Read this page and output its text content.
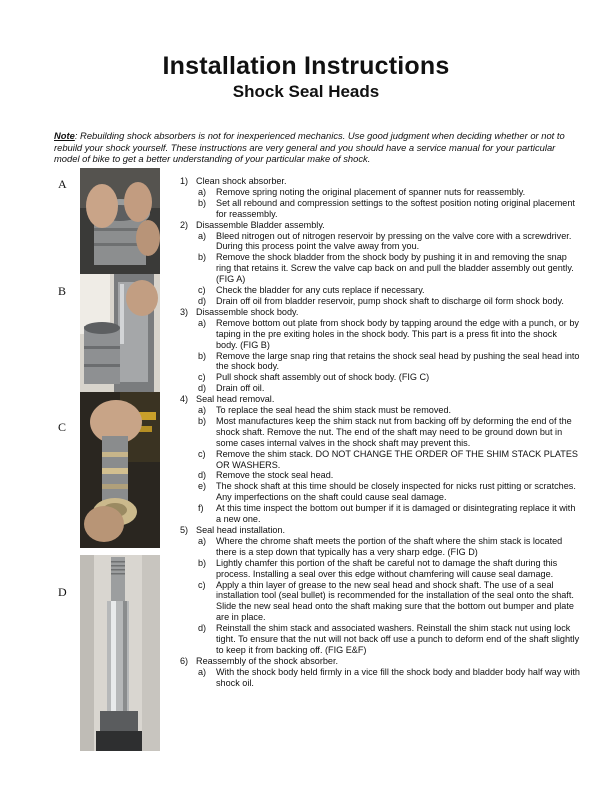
Installation Instructions
Shock Seal Heads
Note: Rebuilding shock absorbers is not for inexperienced mechanics. Use good judgment when deciding whether or not to rebuild your shock yourself. These instructions are very general and you should have a service manual for your particular model of bike to get a better understanding of your particular make of shock.
A
B
C
D
1) Clean shock absorber.
a)	Remove spring noting the original placement of spanner nuts for reassembly.
b)	Set all rebound and compression settings to the softest position noting original placement for reassembly.
2) Disassemble Bladder assembly.
a)	Bleed nitrogen out of nitrogen reservoir by pressing on the valve core with a screwdriver. During this process point the valve away from you.
b)	Remove the shock bladder from the shock body by pushing it in and removing the snap ring that retains it. Screw the valve cap back on and pull the bladder assembly out gently. (FIG A)
c)	Check the bladder for any cuts replace if necessary.
d)	Drain off oil from bladder reservoir, pump shock shaft to discharge oil form shock body.
3) Disassemble shock body.
a)	Remove bottom out plate from shock body by tapping around the edge with a punch, or by taping in the pre exiting holes in the shock body. This part is a press fit into the shock body. (FIG B)
b)	Remove the large snap ring that retains the shock seal head by pushing the seal head into the shock body.
c)	Pull shock shaft assembly out of shock body. (FIG C)
d)	Drain off oil.
4) Seal head removal.
a)	To replace the seal head the shim stack must be removed.
b)	Most manufactures keep the shim stack nut from backing off by deforming the end of the shock shaft. Remove the nut. The end of the shaft may need to be ground down but in some cases internal valves in the shock shaft may prevent this.
c)	Remove the shim stack. DO NOT CHANGE THE ORDER OF THE SHIM STACK PLATES OR WASHERS.
d)	Remove the stock seal head.
e)	The shock shaft at this time should be closely inspected for nicks rust pitting or scratches. Any imperfections on the shaft could cause seal damage.
f)	At this time inspect the bottom out bumper if it is damaged or disintegrating replace it with a new one.
5) Seal head installation.
a)	Where the chrome shaft meets the portion of the shaft where the shim stack is located there is a step down that typically has a very sharp edge. (FIG D)
b)	Lightly chamfer this portion of the shaft be careful not to damage the shaft during this process. Installing a seal over this edge without chamfering will cause seal damage.
c)	Apply a thin layer of grease to the new seal head and shock shaft. The use of a seal installation tool (seal bullet) is recommended for the installation of the seal onto the shaft. Slide the new seal head onto the shaft making sure that the bottom out bumper and plate are in place.
d)	Reinstall the shim stack and associated washers. Reinstall the shim stack nut using lock tight. To ensure that the nut will not back off use a punch to deform end of the shaft slightly to keep it from backing off. (FIG E&F)
6) Reassembly of the shock absorber.
a)	With the shock body held firmly in a vice fill the shock body and bladder body half way with shock oil.
